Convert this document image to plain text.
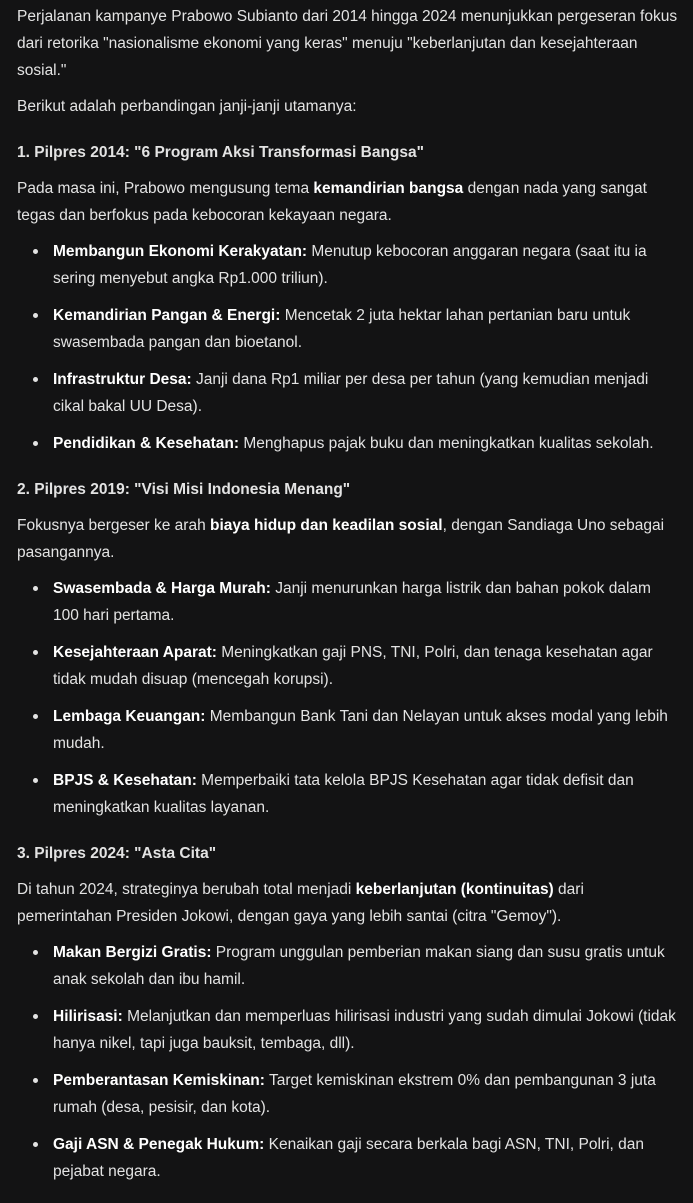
Perjalanan kampanye Prabowo Subianto dari 2014 hingga 2024 menunjukkan pergeseran fokus dari retorika "nasionalisme ekonomi yang keras" menuju "keberlanjutan dan kesejahteraan sosial."

Berikut adalah perbandingan janji-janji utamanya:

1. Pilpres 2014: "6 Program Aksi Transformasi Bangsa"

Pada masa ini, Prabowo mengusung tema kemandirian bangsa dengan nada yang sangat tegas dan berfokus pada kebocoran kekayaan negara.

Membangun Ekonomi Kerakyatan: Menutup kebocoran anggaran negara (saat itu ia sering menyebut angka Rp1.000 triliun).
Kemandirian Pangan & Energi: Mencetak 2 juta hektar lahan pertanian baru untuk swasembada pangan dan bioetanol.
Infrastruktur Desa: Janji dana Rp1 miliar per desa per tahun (yang kemudian menjadi cikal bakal UU Desa).
Pendidikan & Kesehatan: Menghapus pajak buku dan meningkatkan kualitas sekolah.

2. Pilpres 2019: "Visi Misi Indonesia Menang"

Fokusnya bergeser ke arah biaya hidup dan keadilan sosial, dengan Sandiaga Uno sebagai pasangannya.

Swasembada & Harga Murah: Janji menurunkan harga listrik dan bahan pokok dalam 100 hari pertama.
Kesejahteraan Aparat: Meningkatkan gaji PNS, TNI, Polri, dan tenaga kesehatan agar tidak mudah disuap (mencegah korupsi).
Lembaga Keuangan: Membangun Bank Tani dan Nelayan untuk akses modal yang lebih mudah.
BPJS & Kesehatan: Memperbaiki tata kelola BPJS Kesehatan agar tidak defisit dan meningkatkan kualitas layanan.

3. Pilpres 2024: "Asta Cita"

Di tahun 2024, strateginya berubah total menjadi keberlanjutan (kontinuitas) dari pemerintahan Presiden Jokowi, dengan gaya yang lebih santai (citra "Gemoy").

Makan Bergizi Gratis: Program unggulan pemberian makan siang dan susu gratis untuk anak sekolah dan ibu hamil.
Hilirisasi: Melanjutkan dan memperluas hilirisasi industri yang sudah dimulai Jokowi (tidak hanya nikel, tapi juga bauksit, tembaga, dll).
Pemberantasan Kemiskinan: Target kemiskinan ekstrem 0% dan pembangunan 3 juta rumah (desa, pesisir, dan kota).
Gaji ASN & Penegak Hukum: Kenaikan gaji secara berkala bagi ASN, TNI, Polri, dan pejabat negara.
